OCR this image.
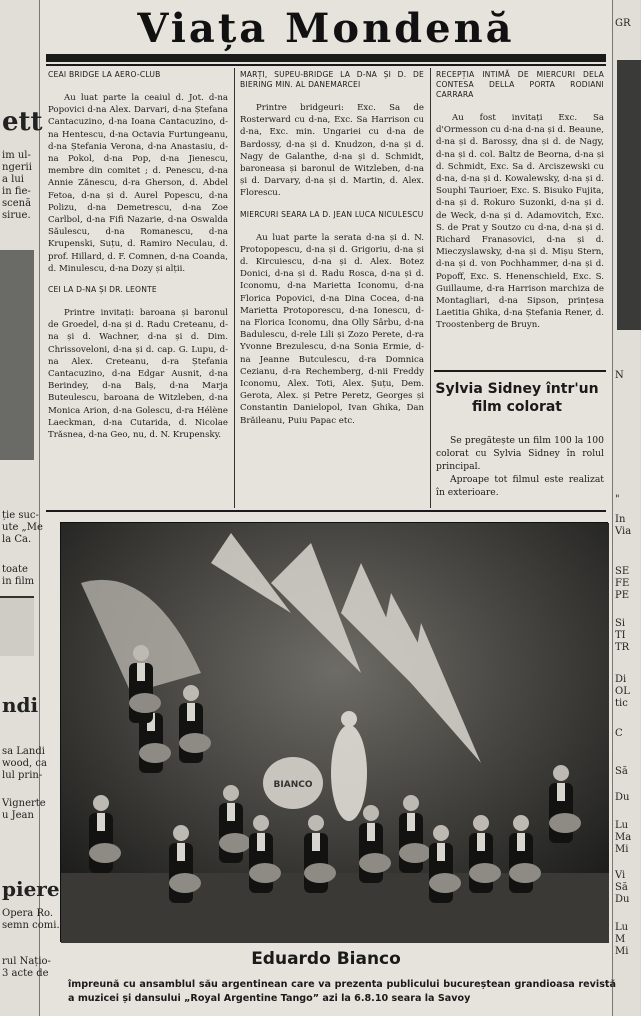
ett
im ul-
ngerii
a lui
in fie-
scenă
sirue.
ție suc-
ute „Me
la Ca.
toate
in film
ndi
sa Landi
wood, ca
lul prin-
Vignerte
u Jean
piere
Opera Ro.
semn comi.
rul Națio-
3 acte de
GR
N
"
In
Via
SE
FE
PE
Si
TI
TR
Di
OL
tic
C
Să
Du
Lu
Ma
Mi
Vi
Să
Du
Lu
M
Mi
Viața Mondenă
CEAI BRIDGE LA AERO-CLUB

Au luat parte la ceaiul d. Jot. d-na Popovici d-na Alex. Darvari, d-na Ștefana Cantacuzino, d-na Ioana Cantacuzino, d-na Hentescu, d-na Octavia Furtungeanu, d-na Ștefania Verona, d-na Anastasiu, d-na Pokol, d-na Pop, d-na Jienescu, membre din comitet ; d. Penescu, d-na Annie Zănescu, d-ra Gherson, d. Abdel Fetoa, d-na și d. Aurel Popescu, d-na Polizu, d-na Demetrescu, d-na Zoe Carlbol, d-na Fifi Nazarie, d-na Oswalda Săulescu, d-na Romanescu, d-na Krupenski, Suțu, d. Ramiro Neculau, d. prof. Hillard, d. F. Comnen, d-na Coanda, d. Minulescu, d-na Dozy și alții.

CEI LA D-NA ȘI DR. LEONTE

Printre invitați: baroana și baronul de Groedel, d-na și d. Radu Creteanu, d-na și d. Wachner, d-na și d. Dim. Chrissoveloni, d-na și d. cap. G. Lupu, d-na Alex. Creteanu, d-ra Ștefania Cantacuzino, d-na Edgar Ausnit, d-na Berindey, d-na Balș, d-na Marja Buteulescu, baroana de Witzleben, d-na Monica Arion, d-na Golescu, d-ra Hélène Laeckman, d-na Cutarida, d. Nicolae Trăsnea, d-na Geo, nu, d. N. Krupensky.

MARȚI, SUPEU-BRIDGE LA D-NA ȘI D. DE BIERING MIN. AL DANEMARCEI

Printre bridgeuri: Exc. Sa de Rosterward cu d-na, Exc. Sa Harrison cu d-na, Exc. min. Ungariei cu d-na de Bardossy, d-na și d. Knudzon, d-na și d. Nagy de Galanthe, d-na și d. Schmidt, baroneasa și baronul de Witzleben, d-na și d. Darvary, d-na și d. Martin, d. Alex. Florescu.

MIERCURI SEARA LA D. JEAN LUCA NICULESCU

Au luat parte la serata d-na și d. N. Protopopescu, d-na și d. Grigoriu, d-na și d. Kircuiescu, d-na și d. Alex. Botez Donici, d-na și d. Radu Rosca, d-na și d. Iconomu, d-na Marietta Iconomu, d-na Florica Popovici, d-na Dina Cocea, d-na Marietta Protoporescu, d-na Ionescu, d-na Florica Iconomu, dna Olly Sârbu, d-na Badulescu, d-rele Lili și Zozo Perete, d-ra Yvonne Brezulescu, d-na Sonia Ermie, d-na Jeanne Butculescu, d-ra Domnica Cezianu, d-ra Rechemberg, d-nii Freddy Iconomu, Alex. Toti, Alex. Șuțu, Dem. Gerota, Alex. și Petre Peretz, Georges și Constantin Danielopol, Ivan Ghika, Dan Brăileanu, Puiu Papac etc.

RECEPȚIA INTIMĂ DE MIERCURI DELA CONTESA DELLA PORTA RODIANI CARRARA

Au fost invitați Exc. Sa d'Ormesson cu d-na d-na și d. Beaune, d-na și d. Barossy, dna și d. de Nagy, d-na și d. col. Baltz de Beorna, d-na și d. Schmidt, Exc. Sa d. Arciszewski cu d-na, d-na și d. Kowalewsky, d-na și d. Souphi Taurioer, Exc. S. Bisuko Fujita, d-na și d. Rokuro Suzonki, d-na și d. de Weck, d-na și d. Adamovitch, Exc. S. de Prat y Soutzo cu d-na, d-na și d. Richard Franasovici, d-na și d. Mieczyslawsky, d-na și d. Mișu Stern, d-na și d. von Pochhammer, d-na și d. Popoff, Exc. S. Henenschield, Exc. S. Guillaume, d-ra Harrison marchiza de Montagliari, d-na Sipson, prințesa Laetitia Ghika, d-na Ștefania Rener, d. Troostenberg de Bruyn.

Sylvia Sidney într'un film colorat

Se pregătește un film 100 la 100 colorat cu Sylvia Sidney în rolul principal.

Aproape tot filmul este realizat în exterioare.

BIANCO
Eduardo Bianco
împreună cu ansamblul său argentinean care va prezenta publicului bucureștean grandioasa revistă a muzicei și dansului „Royal Argentine Tango” azi la 6.8.10 seara la Savoy
